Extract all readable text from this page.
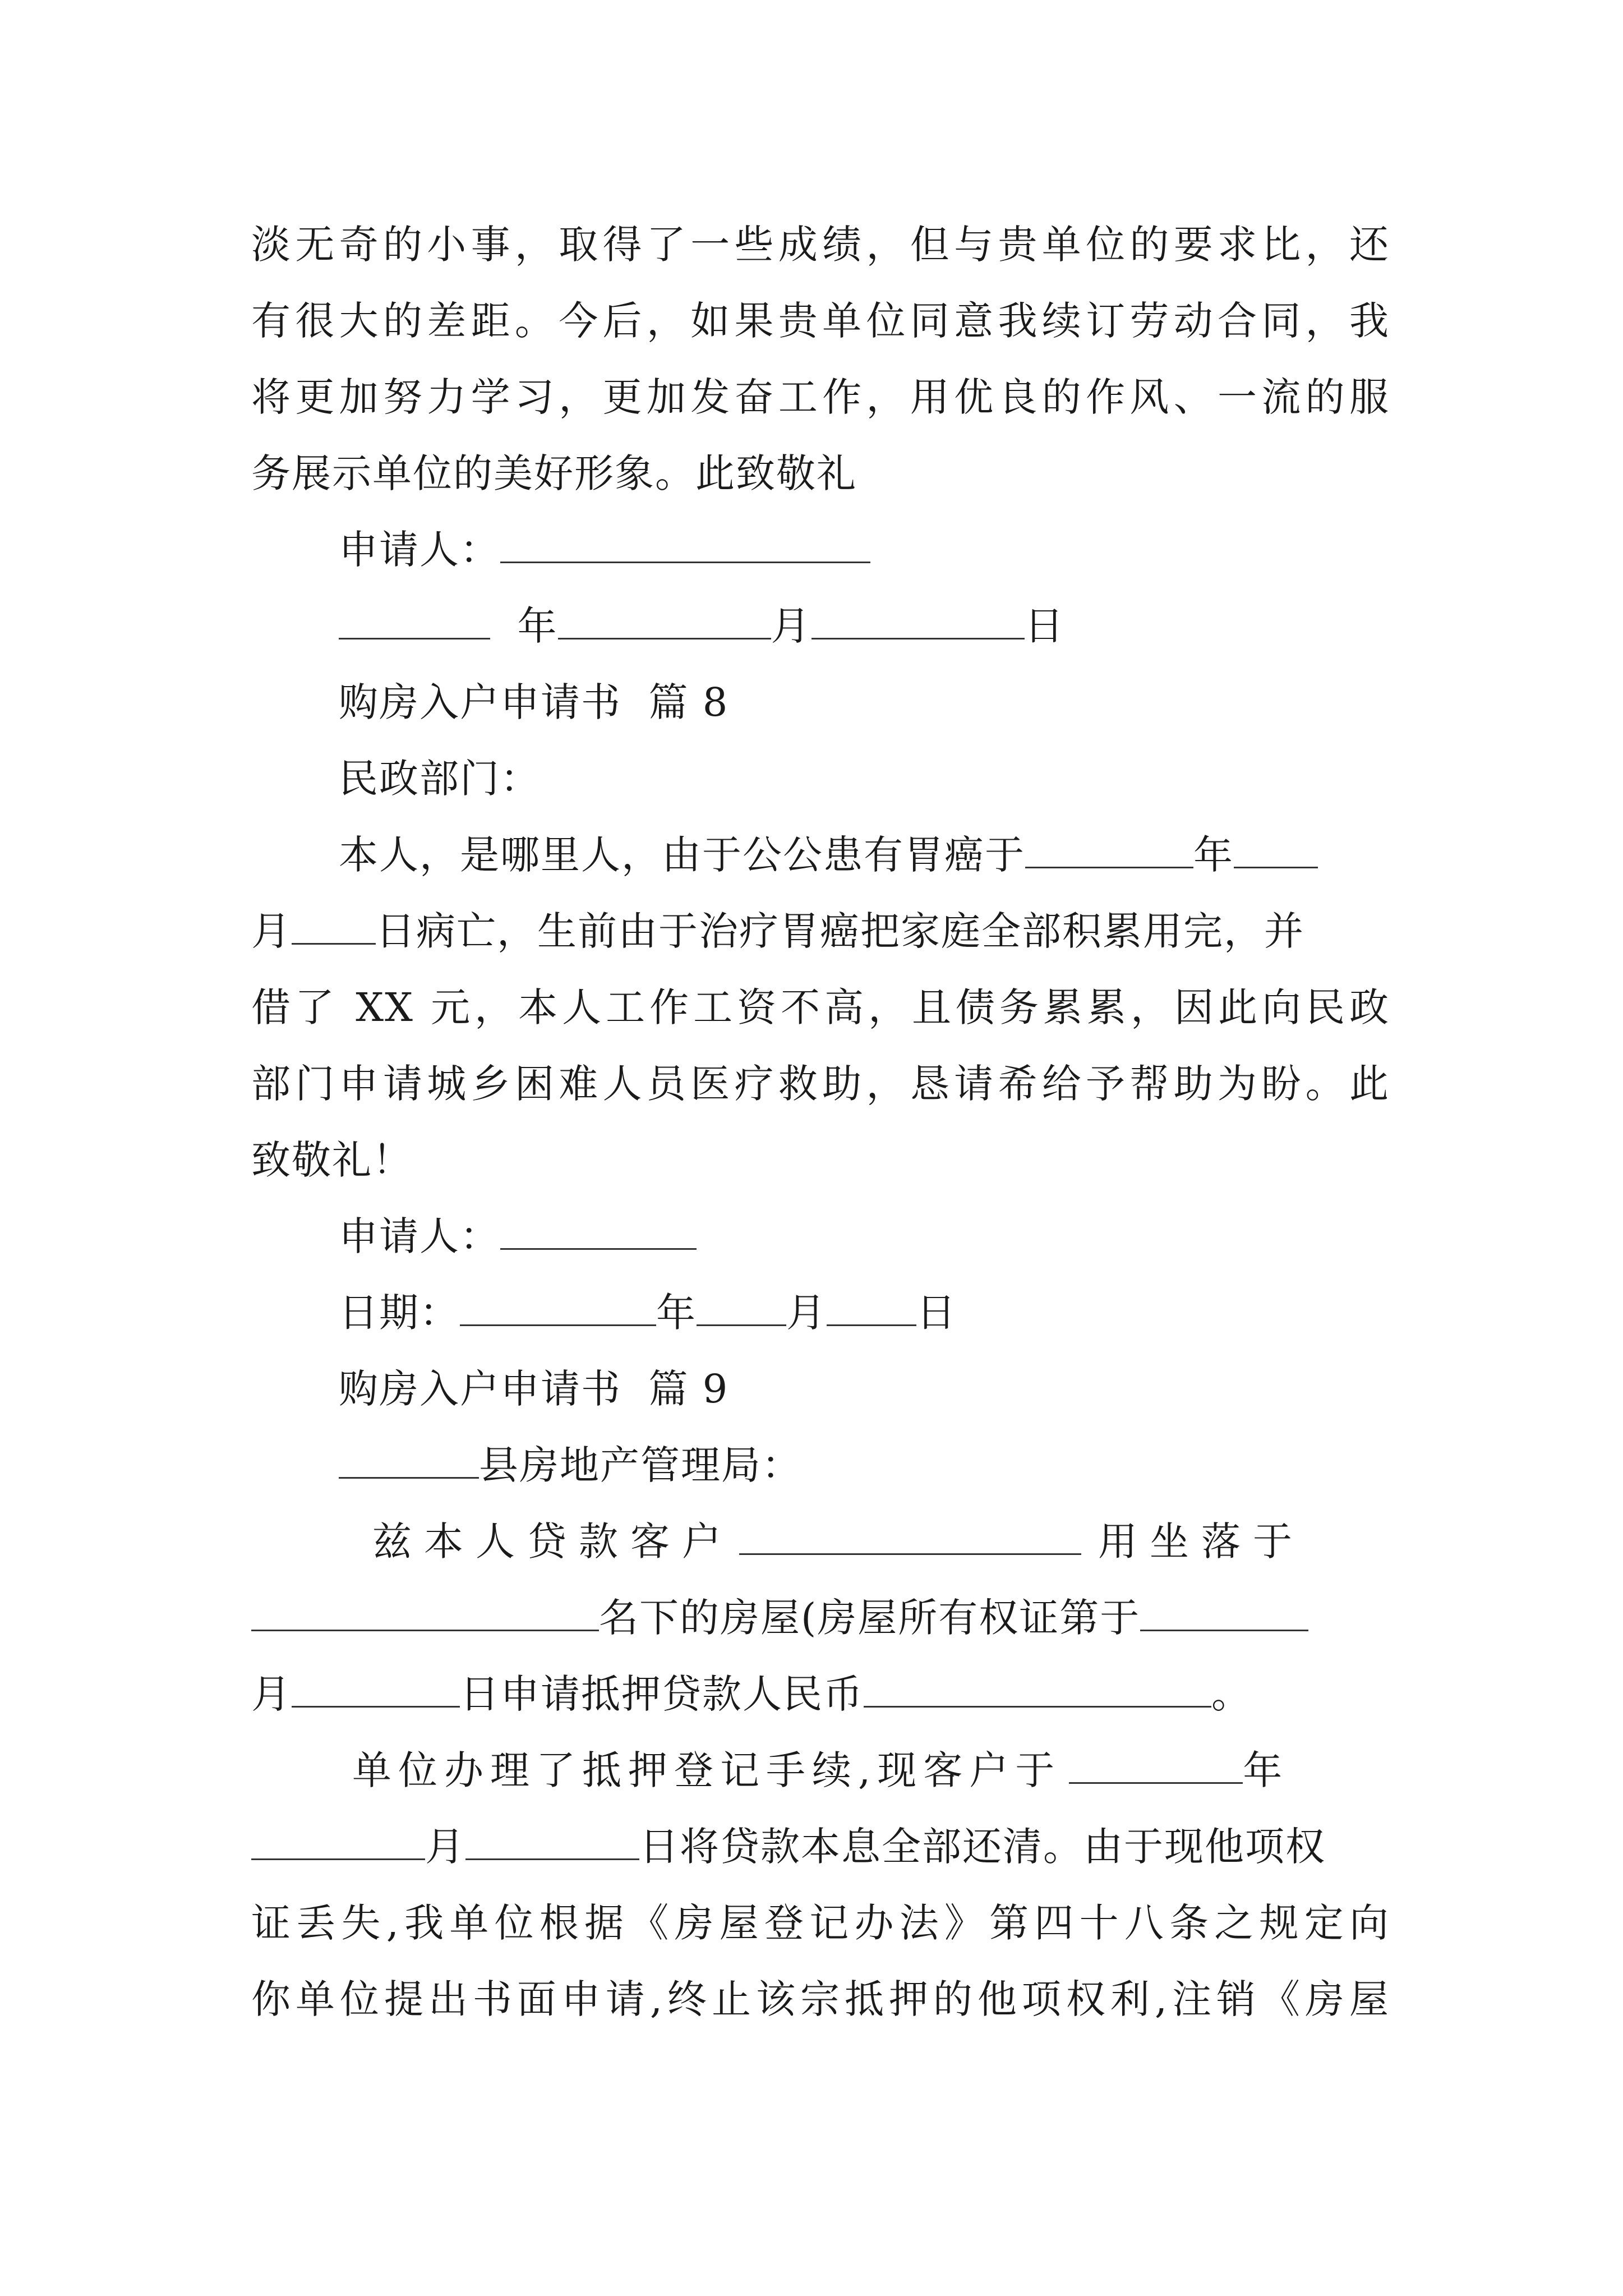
淡无奇的小事，取得了一些成绩，但与贵单位的要求比，还
有很大的差距。今后，如果贵单位同意我续订劳动合同，我
将更加努力学习，更加发奋工作，用优良的作风、一流的服
务展示单位的美好形象。此致敬礼
申请人：
年	月	日
购房入户申请书  篇 8
民政部门：
本人，是哪里人，由于公公患有胃癌于	年
月 日病亡，生前由于治疗胃癌把家庭全部积累用完，并
借了 XX 元，本人工作工资不高，且债务累累，因此向民政
部门申请城乡困难人员医疗救助，恳请希给予帮助为盼。此
致敬礼！
申请人：
日期：	年 月 日
购房入户申请书  篇 9
县房地产管理局：
兹本人贷款客户	用坐落于
名下的房屋(房屋所有权证第于
月	日申请抵押贷款人民币	。
单位办理了抵押登记手续,现客户于	年
月	日将贷款本息全部还清。由于现他项权
证丢失,我单位根据《房屋登记办法》第四十八条之规定向
你单位提出书面申请,终止该宗抵押的他项权利,注销《房屋
